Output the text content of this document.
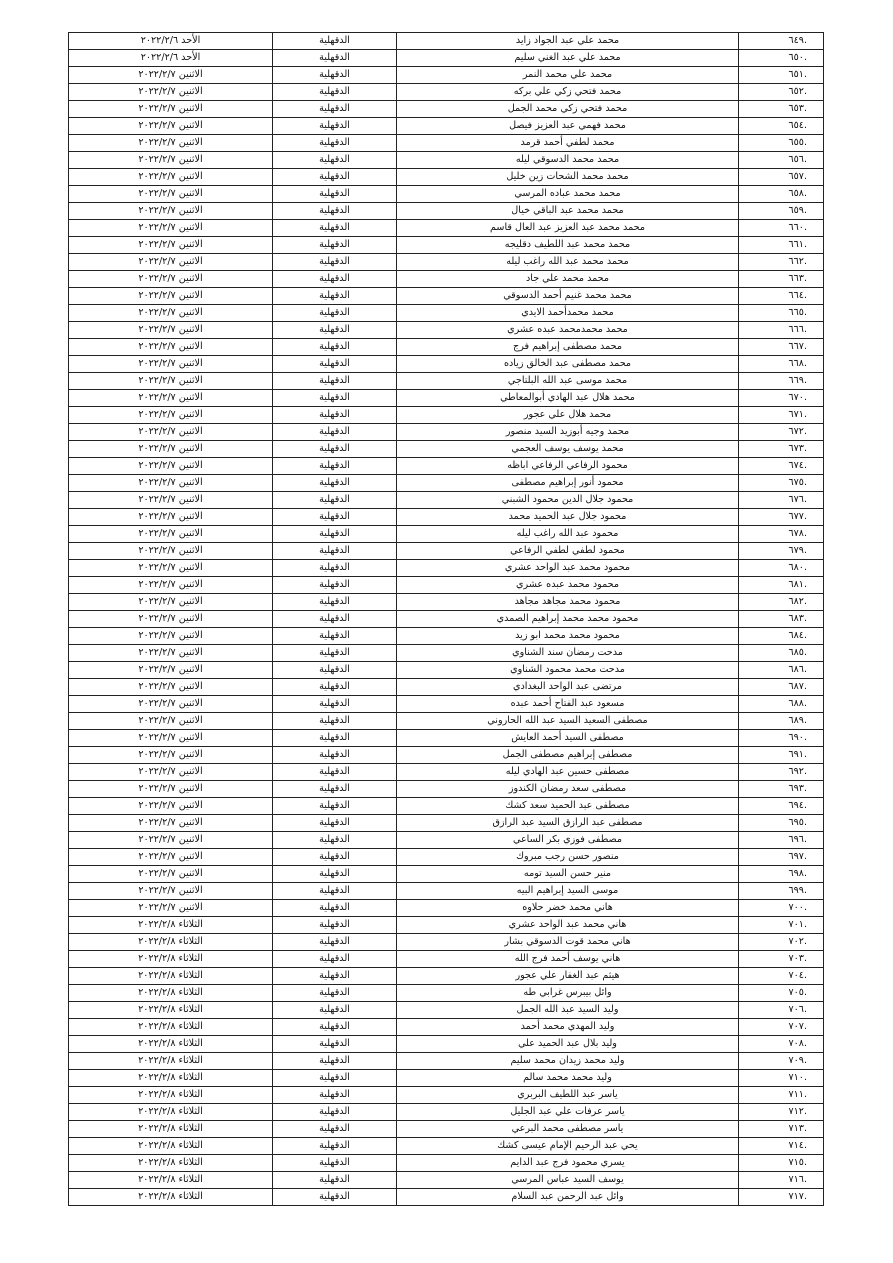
الأحد ٢٠٢٢/٢/٦	الدقهلية	محمد علي عبد الجواد زايد	.٦٤٩
الأحد ٢٠٢٢/٢/٦	الدقهلية	محمد علي عبد الغني سليم	.٦٥٠
الاثنين ٢٠٢٢/٢/٧	الدقهلية	محمد علي محمد النمر	.٦٥١
الاثنين ٢٠٢٢/٢/٧	الدقهلية	محمد فتحي زكي علي بركه	.٦٥٢
الاثنين ٢٠٢٢/٢/٧	الدقهلية	محمد فتحي زكي محمد الجمل	.٦٥٣
الاثنين ٢٠٢٢/٢/٧	الدقهلية	محمد فهمي عبد العزيز فيصل	.٦٥٤
الاثنين ٢٠٢٢/٢/٧	الدقهلية	محمد لطفي أحمد قرمد	.٦٥٥
الاثنين ٢٠٢٢/٢/٧	الدقهلية	محمد محمد الدسوقي ليله	.٦٥٦
الاثنين ٢٠٢٢/٢/٧	الدقهلية	محمد محمد الشحات زين خليل	.٦٥٧
الاثنين ٢٠٢٢/٢/٧	الدقهلية	محمد محمد عباده المرسي	.٦٥٨
الاثنين ٢٠٢٢/٢/٧	الدقهلية	محمد محمد عبد الباقي خيال	.٦٥٩
الاثنين ٢٠٢٢/٢/٧	الدقهلية	محمد محمد عبد العزيز عبد العال قاسم	.٦٦٠
الاثنين ٢٠٢٢/٢/٧	الدقهلية	محمد محمد عبد اللطيف دقليجه	.٦٦١
الاثنين ٢٠٢٢/٢/٧	الدقهلية	محمد محمد عبد الله راغب ليله	.٦٦٢
الاثنين ٢٠٢٢/٢/٧	الدقهلية	محمد محمد علي جاد	.٦٦٣
الاثنين ٢٠٢٢/٢/٧	الدقهلية	محمد محمد غنيم أحمد الدسوقي	.٦٦٤
الاثنين ٢٠٢٢/٢/٧	الدقهلية	محمد محمدأحمد الايدي	.٦٦٥
الاثنين ٢٠٢٢/٢/٧	الدقهلية	محمد محمدمحمد عبده عشري	.٦٦٦
الاثنين ٢٠٢٢/٢/٧	الدقهلية	محمد مصطفى إبراهيم فرج	.٦٦٧
الاثنين ٢٠٢٢/٢/٧	الدقهلية	محمد مصطفى عبد الخالق زياده	.٦٦٨
الاثنين ٢٠٢٢/٢/٧	الدقهلية	محمد موسى عبد الله البلتاجي	.٦٦٩
الاثنين ٢٠٢٢/٢/٧	الدقهلية	محمد هلال عبد الهادي أبوالمعاطي	.٦٧٠
الاثنين ٢٠٢٢/٢/٧	الدقهلية	محمد هلال علي عجور	.٦٧١
الاثنين ٢٠٢٢/٢/٧	الدقهلية	محمد وجيه أبوزيد السيد منصور	.٦٧٢
الاثنين ٢٠٢٢/٢/٧	الدقهلية	محمد يوسف يوسف العجمي	.٦٧٣
الاثنين ٢٠٢٢/٢/٧	الدقهلية	محمود الرفاعي الرفاعي اباظه	.٦٧٤
الاثنين ٢٠٢٢/٢/٧	الدقهلية	محمود أنور إبراهيم مصطفى	.٦٧٥
الاثنين ٢٠٢٢/٢/٧	الدقهلية	محمود جلال الدين محمود الشبني	.٦٧٦
الاثنين ٢٠٢٢/٢/٧	الدقهلية	محمود جلال عبد الحميد محمد	.٦٧٧
الاثنين ٢٠٢٢/٢/٧	الدقهلية	محمود عبد الله راغب ليله	.٦٧٨
الاثنين ٢٠٢٢/٢/٧	الدقهلية	محمود لطفي لطفي الرفاعي	.٦٧٩
الاثنين ٢٠٢٢/٢/٧	الدقهلية	محمود محمد عبد الواحد عشري	.٦٨٠
الاثنين ٢٠٢٢/٢/٧	الدقهلية	محمود محمد عبده عشري	.٦٨١
الاثنين ٢٠٢٢/٢/٧	الدقهلية	محمود محمد مجاهد مجاهد	.٦٨٢
الاثنين ٢٠٢٢/٢/٧	الدقهلية	محمود محمد محمد إبراهيم الصمدي	.٦٨٣
الاثنين ٢٠٢٢/٢/٧	الدقهلية	محمود محمد محمد ابو زيد	.٦٨٤
الاثنين ٢٠٢٢/٢/٧	الدقهلية	مدحت رمضان سند الشناوي	.٦٨٥
الاثنين ٢٠٢٢/٢/٧	الدقهلية	مدحت محمد محمود الشناوي	.٦٨٦
الاثنين ٢٠٢٢/٢/٧	الدقهلية	مرتضى عبد الواحد البغدادي	.٦٨٧
الاثنين ٢٠٢٢/٢/٧	الدقهلية	مسعود عبد الفتاح أحمد عبده	.٦٨٨
الاثنين ٢٠٢٢/٢/٧	الدقهلية	مصطفى السعيد السيد عبد الله الحاروني	.٦٨٩
الاثنين ٢٠٢٢/٢/٧	الدقهلية	مصطفى السيد أحمد العايش	.٦٩٠
الاثنين ٢٠٢٢/٢/٧	الدقهلية	مصطفى إبراهيم مصطفى الجمل	.٦٩١
الاثنين ٢٠٢٢/٢/٧	الدقهلية	مصطفى حسين عبد الهادي ليله	.٦٩٢
الاثنين ٢٠٢٢/٢/٧	الدقهلية	مصطفى سعد رمضان الكندوز	.٦٩٣
الاثنين ٢٠٢٢/٢/٧	الدقهلية	مصطفى عبد الحميد سعد كشك	.٦٩٤
الاثنين ٢٠٢٢/٢/٧	الدقهلية	مصطفى عبد الرازق السيد عبد الرازق	.٦٩٥
الاثنين ٢٠٢٢/٢/٧	الدقهلية	مصطفى فوزي بكر الساعي	.٦٩٦
الاثنين ٢٠٢٢/٢/٧	الدقهلية	منصور حسن رجب مبروك	.٦٩٧
الاثنين ٢٠٢٢/٢/٧	الدقهلية	منير حسن السيد تومه	.٦٩٨
الاثنين ٢٠٢٢/٢/٧	الدقهلية	موسى السيد إبراهيم البيه	.٦٩٩
الاثنين ٢٠٢٢/٢/٧	الدقهلية	هاني محمد خضر حلاوه	.٧٠٠
الثلاثاء ٢٠٢٢/٢/٨	الدقهلية	هاني محمد عبد الواحد عشري	.٧٠١
الثلاثاء ٢٠٢٢/٢/٨	الدقهلية	هاني محمد قوت الدسوقي بشار	.٧٠٢
الثلاثاء ٢٠٢٢/٢/٨	الدقهلية	هاني يوسف أحمد فرج الله	.٧٠٣
الثلاثاء ٢٠٢٢/٢/٨	الدقهلية	هيثم عبد الغفار علي عجور	.٧٠٤
الثلاثاء ٢٠٢٢/٢/٨	الدقهلية	وائل بيبرس غرابي طه	.٧٠٥
الثلاثاء ٢٠٢٢/٢/٨	الدقهلية	وليد السيد عبد الله الجمل	.٧٠٦
الثلاثاء ٢٠٢٢/٢/٨	الدقهلية	وليد المهدي محمد أحمد	.٧٠٧
الثلاثاء ٢٠٢٢/٢/٨	الدقهلية	وليد بلال عبد الحميد علي	.٧٠٨
الثلاثاء ٢٠٢٢/٢/٨	الدقهلية	وليد محمد زيدان محمد سليم	.٧٠٩
الثلاثاء ٢٠٢٢/٢/٨	الدقهلية	وليد محمد محمد سالم	.٧١٠
الثلاثاء ٢٠٢٢/٢/٨	الدقهلية	ياسر عبد اللطيف البربري	.٧١١
الثلاثاء ٢٠٢٢/٢/٨	الدقهلية	ياسر عرفات علي عبد الجليل	.٧١٢
الثلاثاء ٢٠٢٢/٢/٨	الدقهلية	ياسر مصطفى محمد البرعي	.٧١٣
الثلاثاء ٢٠٢٢/٢/٨	الدقهلية	يحي عبد الرحيم الإمام عيسى كشك	.٧١٤
الثلاثاء ٢٠٢٢/٢/٨	الدقهلية	يسري محمود فرج عبد الدايم	.٧١٥
الثلاثاء ٢٠٢٢/٢/٨	الدقهلية	يوسف السيد عباس المرسي	.٧١٦
الثلاثاء ٢٠٢٢/٢/٨	الدقهلية	وائل عبد الرحمن عبد السلام	.٧١٧
